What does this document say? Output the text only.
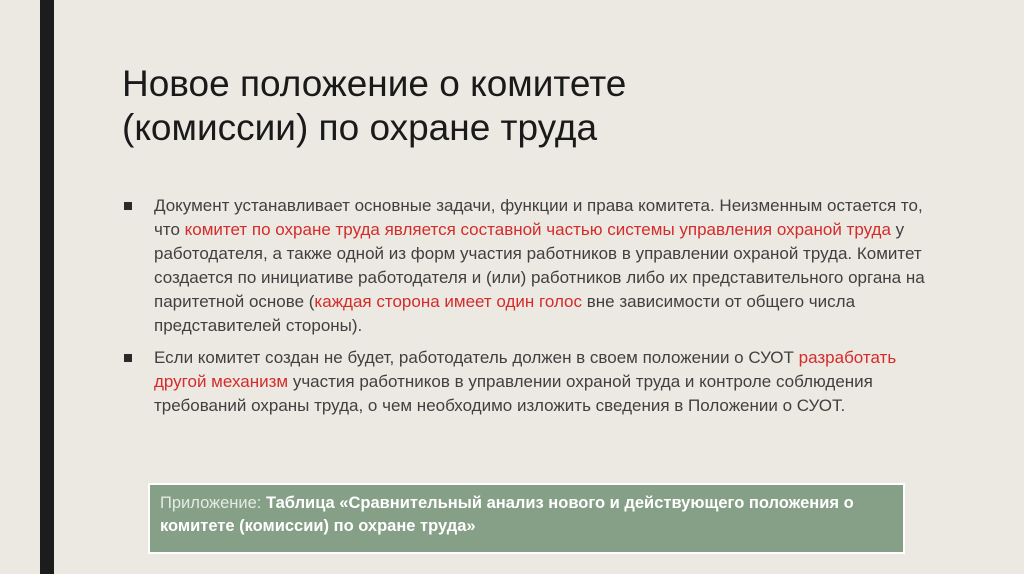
Новое положение о комитете
(комиссии) по охране труда
Документ устанавливает основные задачи, функции и права комитета. Неизменным остается то, что комитет по охране труда является составной частью системы управления охраной труда у работодателя, а также одной из форм участия работников в управлении охраной труда. Комитет создается по инициативе работодателя и (или) работников либо их представительного органа на паритетной основе (каждая сторона имеет один голос вне зависимости от общего числа представителей стороны).
Если комитет создан не будет, работодатель должен в своем положении о СУОТ разработать другой механизм участия работников в управлении охраной труда и контроле соблюдения требований охраны труда, о чем необходимо изложить сведения в Положении о СУОТ.
Приложение: Таблица «Сравнительный анализ нового и действующего положения о комитете (комиссии) по охране труда»
